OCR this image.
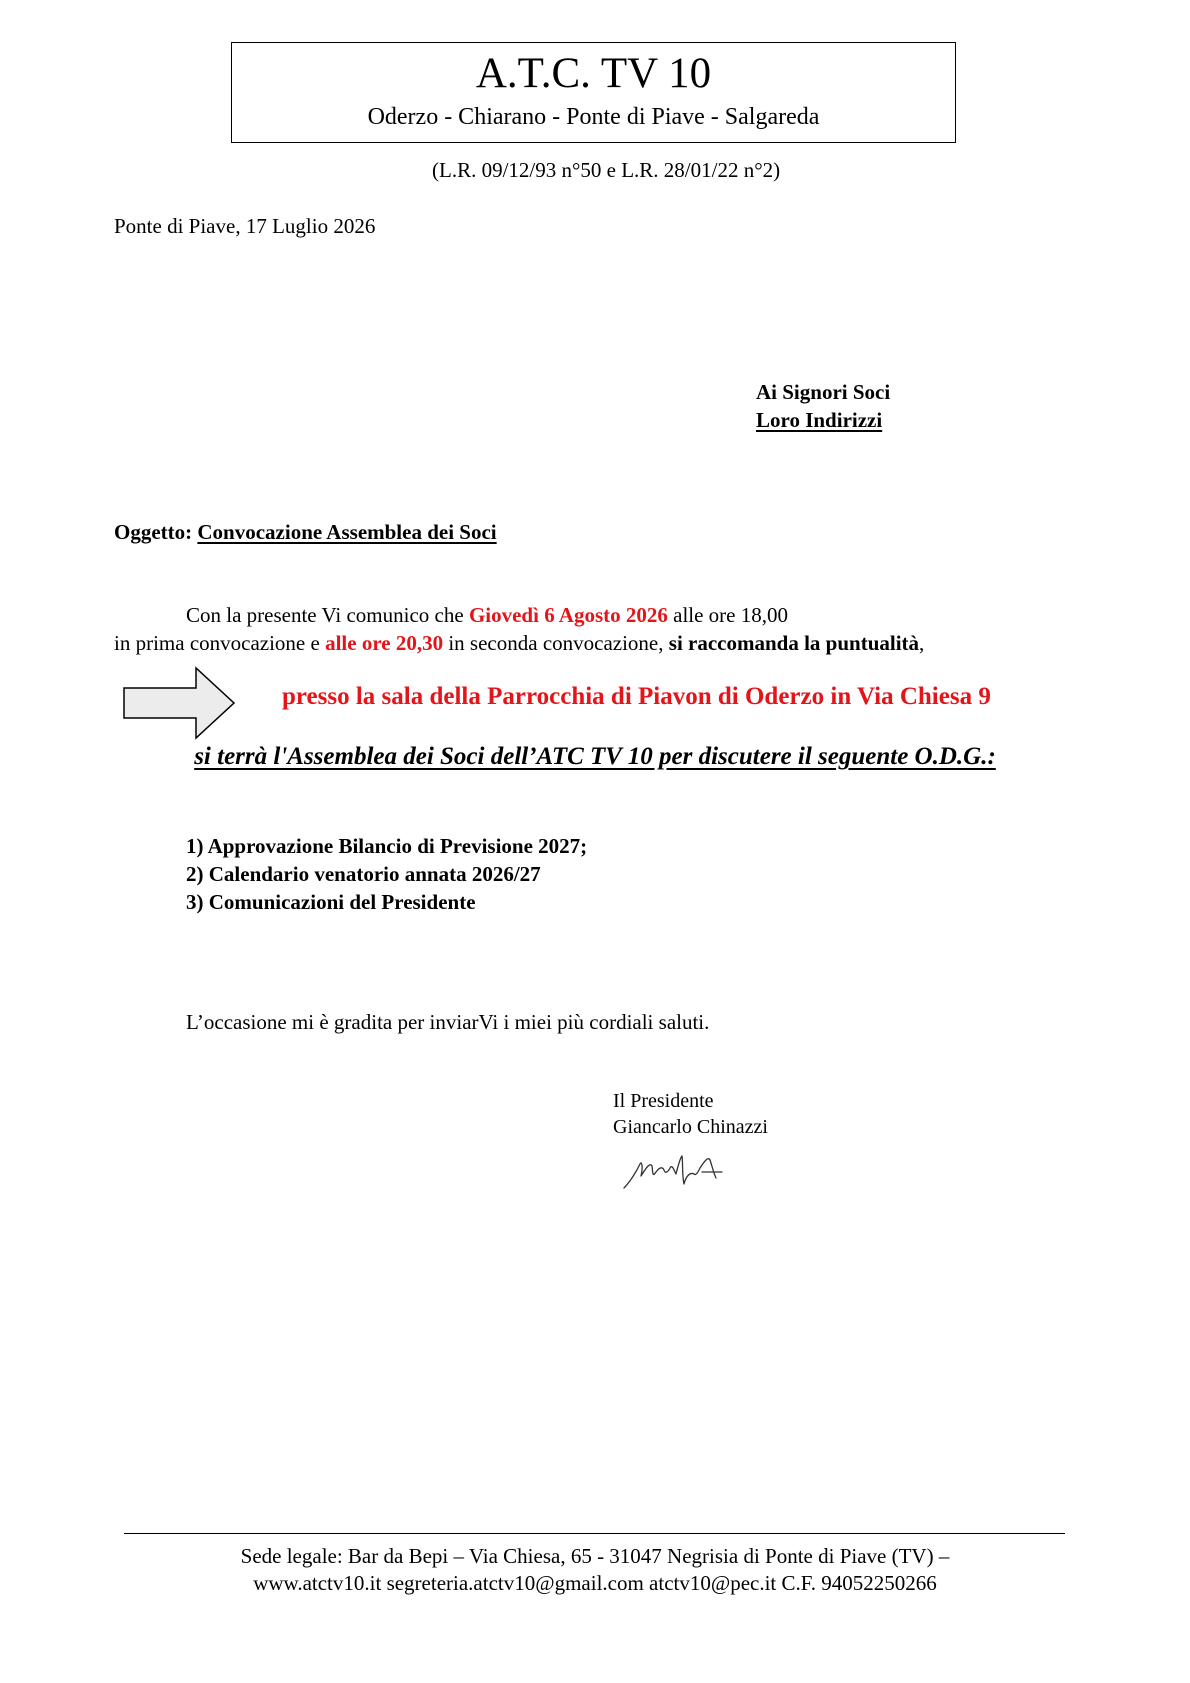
A.T.C. TV 10
Oderzo - Chiarano - Ponte di Piave - Salgareda
(L.R. 09/12/93 n°50 e L.R. 28/01/22 n°2)
Ponte di Piave, 17 Luglio 2026
Ai Signori Soci
Loro Indirizzi
Oggetto: Convocazione Assemblea dei Soci
Con la presente Vi comunico che Giovedì 6 Agosto 2026 alle ore 18,00
in prima convocazione e alle ore 20,30 in seconda convocazione, si raccomanda la puntualità,
presso la sala della Parrocchia di Piavon di Oderzo in Via Chiesa 9
si terrà l'Assemblea dei Soci dell’ATC TV 10 per discutere il seguente O.D.G.:
1) Approvazione Bilancio di Previsione 2027;
2) Calendario venatorio annata 2026/27
3) Comunicazioni del Presidente
L’occasione mi è gradita per inviarVi i miei più cordiali saluti.
Il Presidente
Giancarlo Chinazzi
Sede legale: Bar da Bepi – Via Chiesa, 65 - 31047 Negrisia di Ponte di Piave (TV) –
www.atctv10.it segreteria.atctv10@gmail.com atctv10@pec.it C.F. 94052250266
